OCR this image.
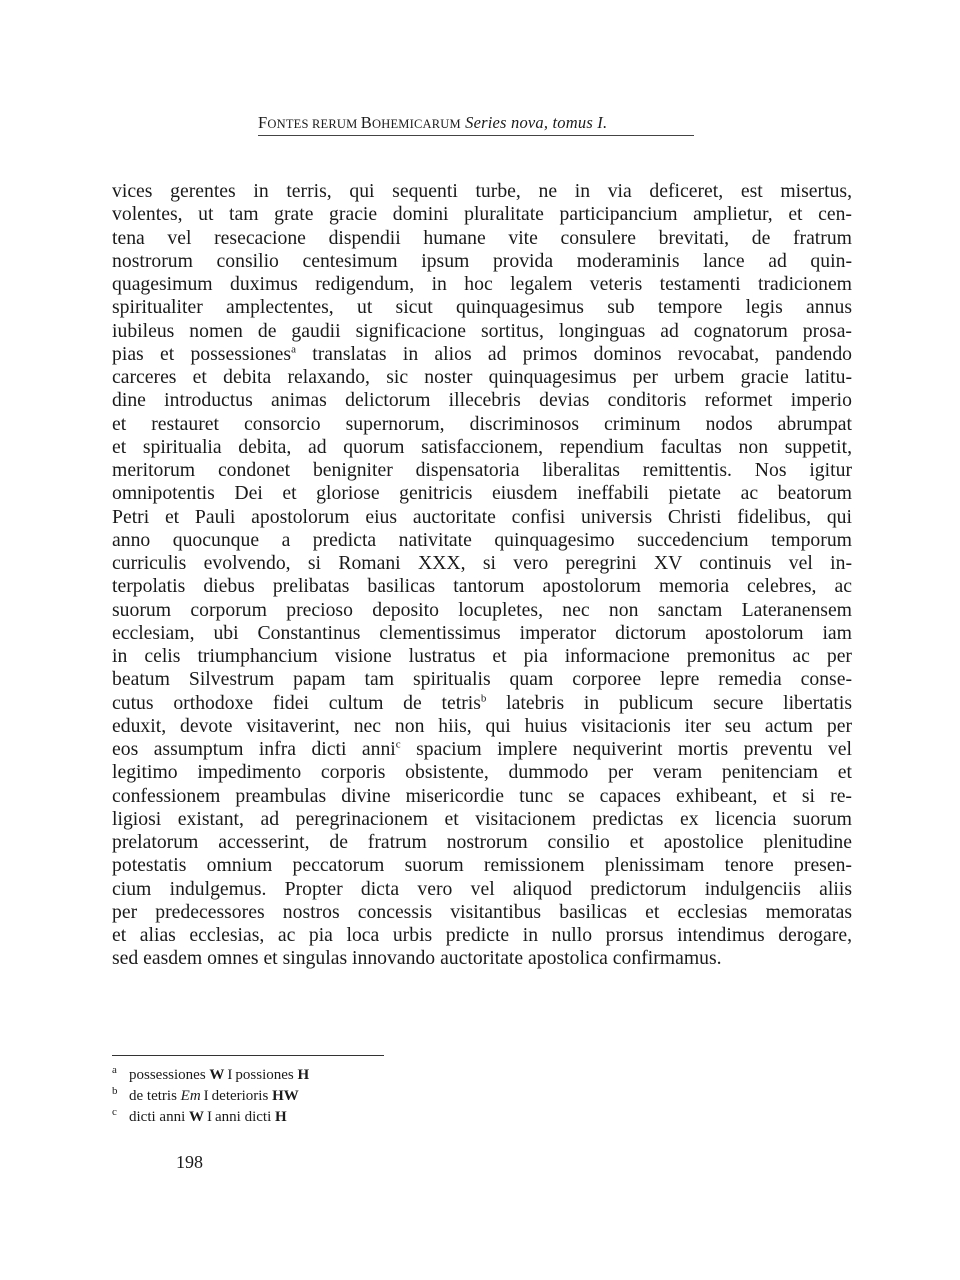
FONTES RERUM BOHEMICARUM Series nova, tomus I.
vices gerentes in terris, qui sequenti turbe, ne in via deficeret, est misertus,
volentes, ut tam grate gracie domini pluralitate participancium amplietur, et cen-
tena vel resecacione dispendii humane vite consulere brevitati, de fratrum
nostrorum consilio centesimum ipsum provida moderaminis lance ad quin-
quagesimum duximus redigendum, in hoc legalem veteris testamenti tradicionem
spiritualiter amplectentes, ut sicut quinquagesimus sub tempore legis annus
iubileus nomen de gaudii significacione sortitus, longinguas ad cognatorum prosa-
pias et possessiones$^a$ translatas in alios ad primos dominos revocabat, pandendo
carceres et debita relaxando, sic noster quinquagesimus per urbem gracie latitu-
dine introductus animas delictorum illecebris devias conditoris reformet imperio
et restauret consorcio supernorum, discriminosos criminum nodos abrumpat
et spiritualia debita, ad quorum satisfaccionem, rependium facultas non suppetit,
meritorum condonet benigniter dispensatoria liberalitas remittentis. Nos igitur
omnipotentis Dei et gloriose genitricis eiusdem ineffabili pietate ac beatorum
Petri et Pauli apostolorum eius auctoritate confisi universis Christi fidelibus, qui
anno quocunque a predicta nativitate quinquagesimo succedencium temporum
curriculis evolvendo, si Romani XXX, si vero peregrini XV continuis vel in-
terpolatis diebus prelibatas basilicas tantorum apostolorum memoria celebres, ac
suorum corporum precioso deposito locupletes, nec non sanctam Lateranensem
ecclesiam, ubi Constantinus clementissimus imperator dictorum apostolorum iam
in celis triumphancium visione lustratus et pia informacione premonitus ac per
beatum Silvestrum papam tam spiritualis quam corporee lepre remedia conse-
cutus orthodoxe fidei cultum de tetris$^b$ latebris in publicum secure libertatis
eduxit, devote visitaverint, nec non hiis, qui huius visitacionis iter seu actum per
eos assumptum infra dicti anni$^c$ spacium implere nequiverint mortis preventu vel
legitimo impedimento corporis obsistente, dummodo per veram penitenciam et
confessionem preambulas divine misericordie tunc se capaces exhibeant, et si re-
ligiosi existant, ad peregrinacionem et visitacionem predictas ex licencia suorum
prelatorum accesserint, de fratrum nostrorum consilio et apostolice plenitudine
potestatis omnium peccatorum suorum remissionem plenissimam tenore presen-
cium indulgemus. Propter dicta vero vel aliquod predictorum indulgenciis aliis
per predecessores nostros concessis visitantibus basilicas et ecclesias memoratas
et alias ecclesias, ac pia loca urbis predicte in nullo prorsus intendimus derogare,
sed easdem omnes et singulas innovando auctoritate apostolica confirmamus.
a possessiones W I possiones H
b de tetris Em I deterioris HW
c dicti anni W I anni dicti H
198
